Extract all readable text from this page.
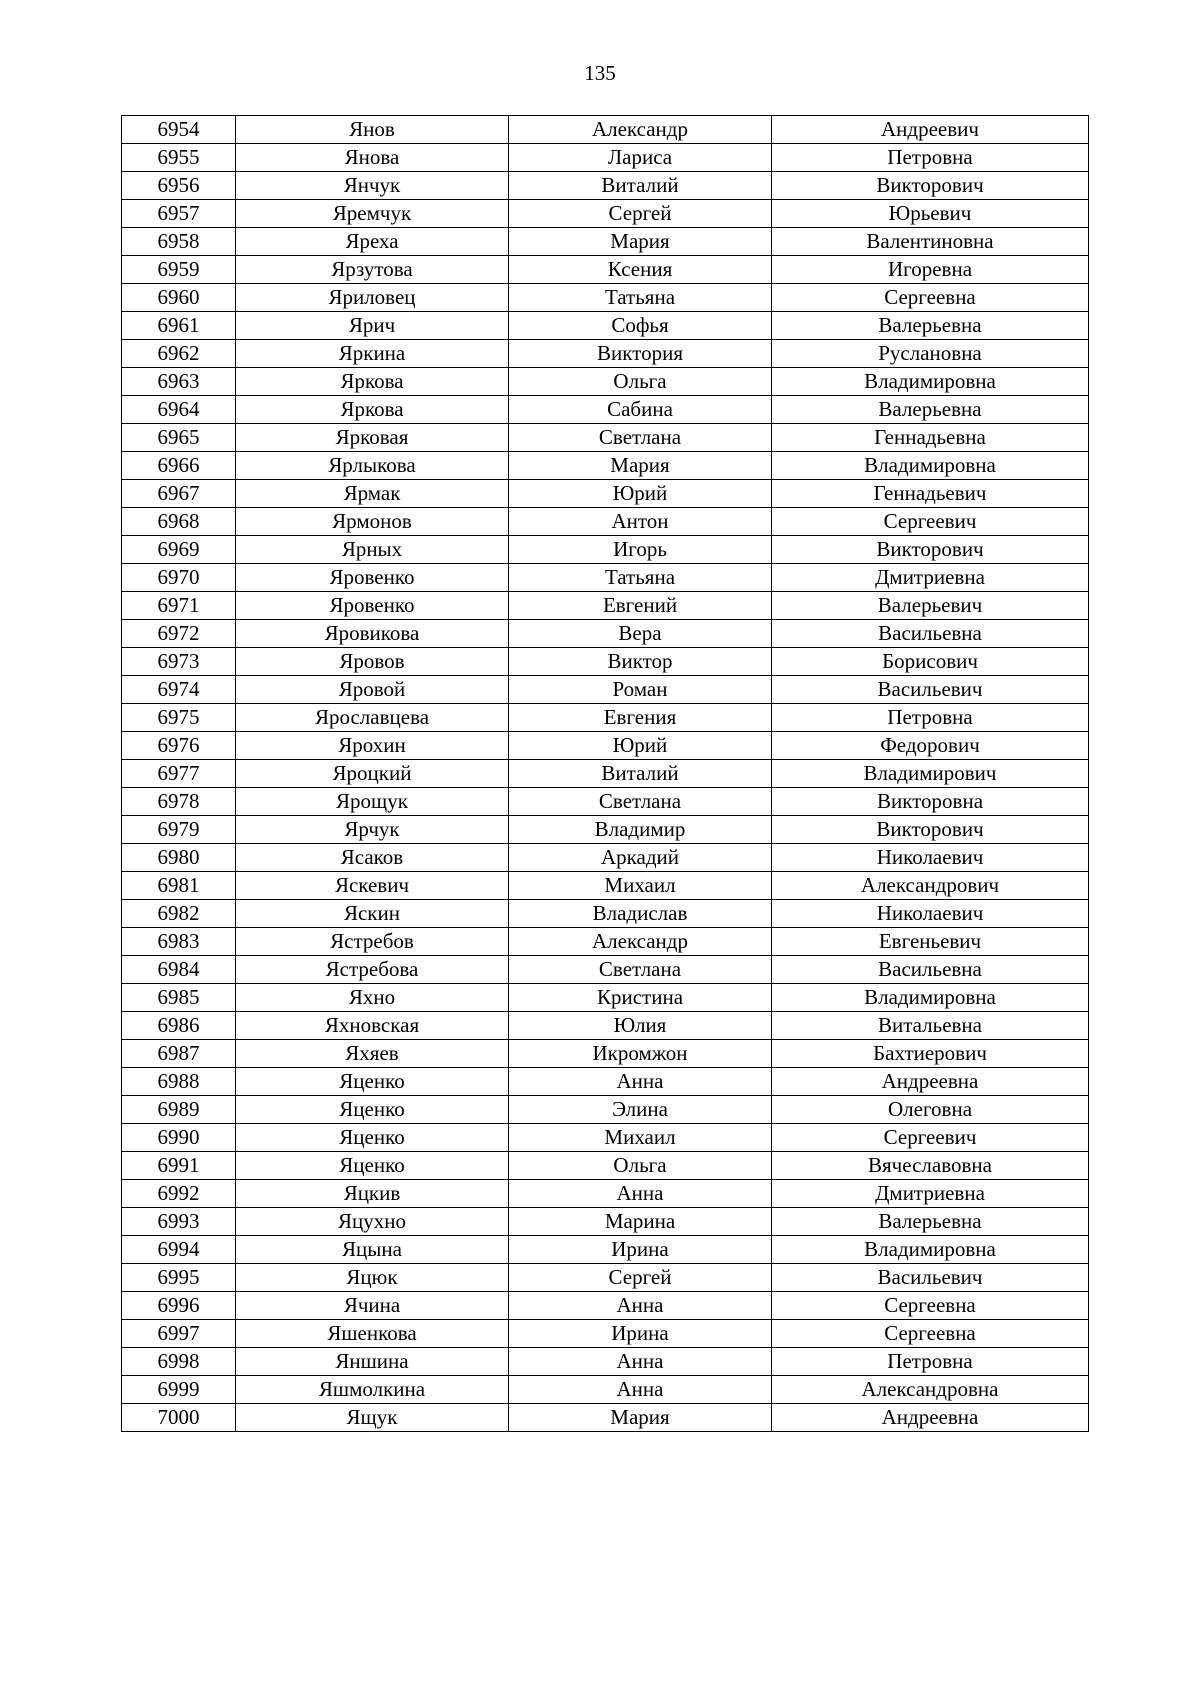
135
6954	Янов	Александр	Андреевич
6955	Янова	Лариса	Петровна
6956	Янчук	Виталий	Викторович
6957	Яремчук	Сергей	Юрьевич
6958	Яреха	Мария	Валентиновна
6959	Ярзутова	Ксения	Игоревна
6960	Яриловец	Татьяна	Сергеевна
6961	Ярич	Софья	Валерьевна
6962	Яркина	Виктория	Руслановна
6963	Яркова	Ольга	Владимировна
6964	Яркова	Сабина	Валерьевна
6965	Ярковая	Светлана	Геннадьевна
6966	Ярлыкова	Мария	Владимировна
6967	Ярмак	Юрий	Геннадьевич
6968	Ярмонов	Антон	Сергеевич
6969	Ярных	Игорь	Викторович
6970	Яровенко	Татьяна	Дмитриевна
6971	Яровенко	Евгений	Валерьевич
6972	Яровикова	Вера	Васильевна
6973	Яровов	Виктор	Борисович
6974	Яровой	Роман	Васильевич
6975	Ярославцева	Евгения	Петровна
6976	Ярохин	Юрий	Федорович
6977	Яроцкий	Виталий	Владимирович
6978	Ярощук	Светлана	Викторовна
6979	Ярчук	Владимир	Викторович
6980	Ясаков	Аркадий	Николаевич
6981	Яскевич	Михаил	Александрович
6982	Яскин	Владислав	Николаевич
6983	Ястребов	Александр	Евгеньевич
6984	Ястребова	Светлана	Васильевна
6985	Яхно	Кристина	Владимировна
6986	Яхновская	Юлия	Витальевна
6987	Яхяев	Икромжон	Бахтиерович
6988	Яценко	Анна	Андреевна
6989	Яценко	Элина	Олеговна
6990	Яценко	Михаил	Сергеевич
6991	Яценко	Ольга	Вячеславовна
6992	Яцкив	Анна	Дмитриевна
6993	Яцухно	Марина	Валерьевна
6994	Яцына	Ирина	Владимировна
6995	Яцюк	Сергей	Васильевич
6996	Ячина	Анна	Сергеевна
6997	Яшенкова	Ирина	Сергеевна
6998	Яншина	Анна	Петровна
6999	Яшмолкина	Анна	Александровна
7000	Ящук	Мария	Андреевна
